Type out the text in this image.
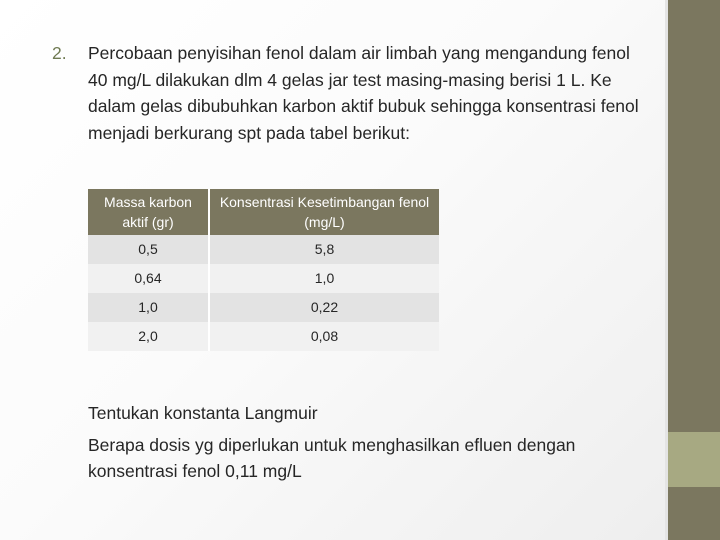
2. Percobaan penyisihan fenol dalam air limbah yang mengandung fenol 40 mg/L dilakukan dlm 4 gelas jar test masing-masing berisi 1 L. Ke dalam gelas dibubuhkan karbon aktif bubuk sehingga konsentrasi fenol menjadi berkurang spt pada tabel berikut:
Massa karbon aktif (gr)	Konsentrasi Kesetimbangan fenol (mg/L)
0,5	5,8
0,64	1,0
1,0	0,22
2,0	0,08
Tentukan konstanta Langmuir
Berapa dosis yg diperlukan untuk menghasilkan efluen dengan konsentrasi fenol 0,11 mg/L
